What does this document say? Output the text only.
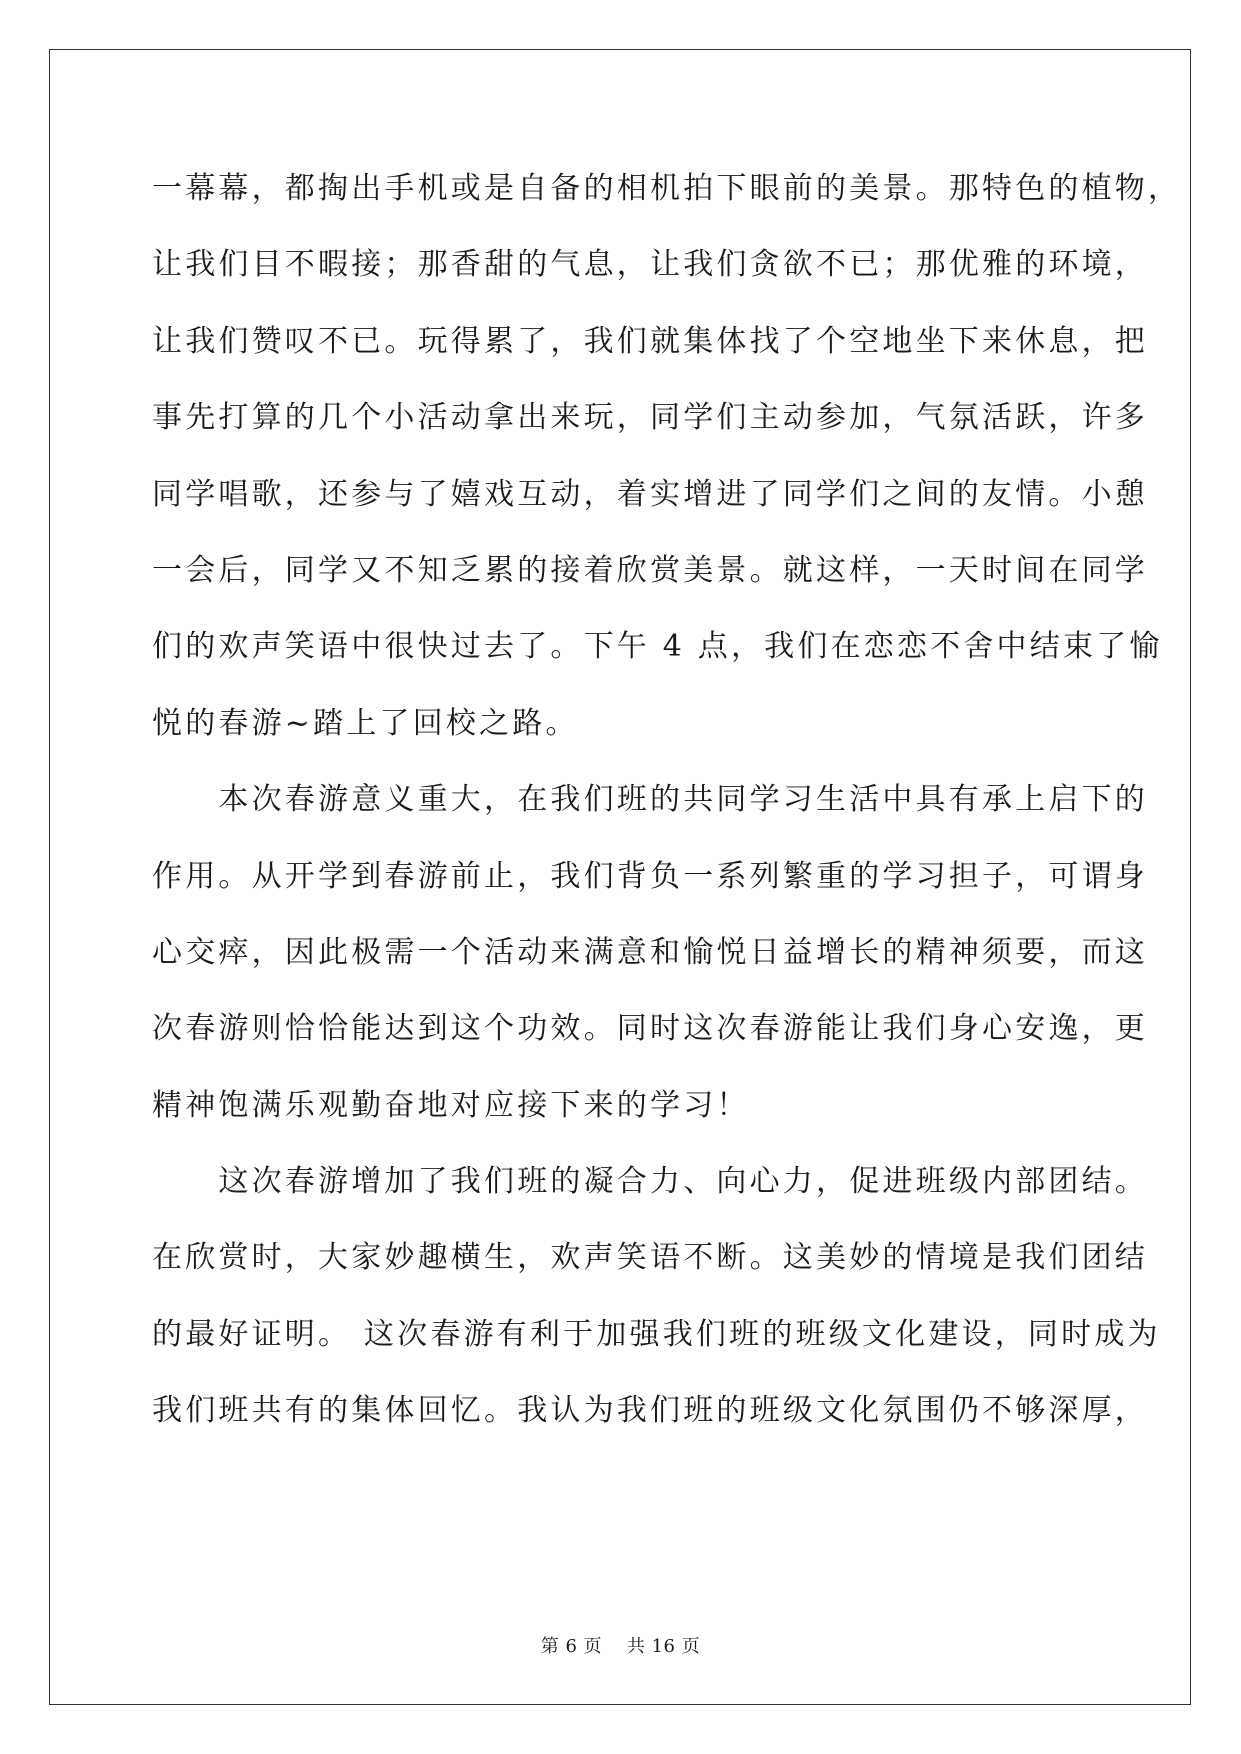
一幕幕，都掏出手机或是自备的相机拍下眼前的美景。那特色的植物，
让我们目不暇接；那香甜的气息，让我们贪欲不已；那优雅的环境，
让我们赞叹不已。玩得累了，我们就集体找了个空地坐下来休息，把
事先打算的几个小活动拿出来玩，同学们主动参加，气氛活跃，许多
同学唱歌，还参与了嬉戏互动，着实增进了同学们之间的友情。小憩
一会后，同学又不知乏累的接着欣赏美景。就这样，一天时间在同学
们的欢声笑语中很快过去了。下午 4 点，我们在恋恋不舍中结束了愉
悦的春游~踏上了回校之路。
　　本次春游意义重大，在我们班的共同学习生活中具有承上启下的
作用。从开学到春游前止，我们背负一系列繁重的学习担子，可谓身
心交瘁，因此极需一个活动来满意和愉悦日益增长的精神须要，而这
次春游则恰恰能达到这个功效。同时这次春游能让我们身心安逸，更
精神饱满乐观勤奋地对应接下来的学习！
　　这次春游增加了我们班的凝合力、向心力，促进班级内部团结。
在欣赏时，大家妙趣横生，欢声笑语不断。这美妙的情境是我们团结
的最好证明。 这次春游有利于加强我们班的班级文化建设，同时成为
我们班共有的集体回忆。我认为我们班的班级文化氛围仍不够深厚，
第 6 页　 共 16 页
